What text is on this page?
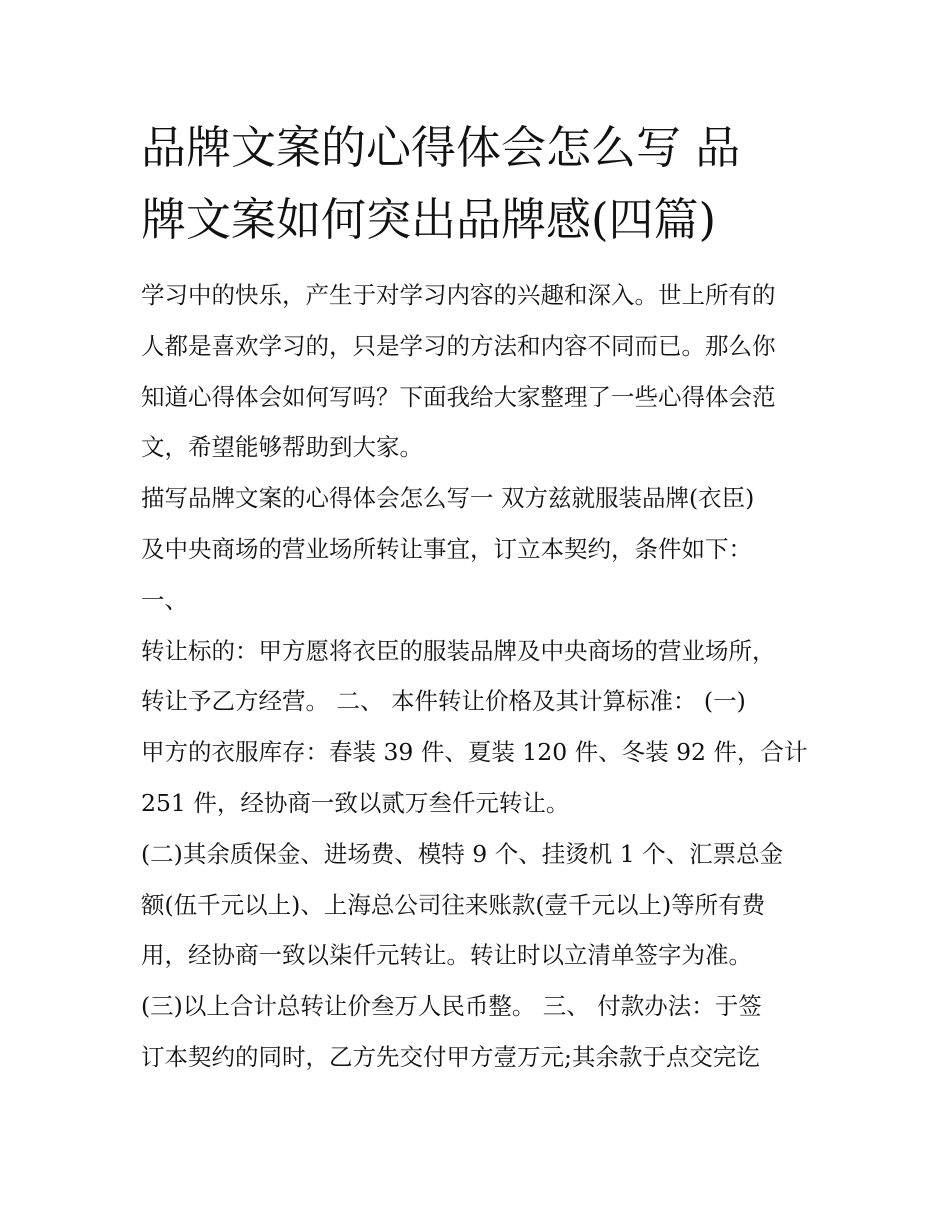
品牌文案的心得体会怎么写 品
牌文案如何突出品牌感(四篇)
学习中的快乐，产生于对学习内容的兴趣和深入。世上所有的
人都是喜欢学习的，只是学习的方法和内容不同而已。那么你
知道心得体会如何写吗？下面我给大家整理了一些心得体会范
文，希望能够帮助到大家。
描写品牌文案的心得体会怎么写一 双方兹就服装品牌(衣臣)
及中央商场的营业场所转让事宜，订立本契约，条件如下：
一、
转让标的：甲方愿将衣臣的服装品牌及中央商场的营业场所，
转让予乙方经营。 二、 本件转让价格及其计算标准： (一)
甲方的衣服库存：春装 39 件、夏装 120 件、冬装 92 件，合计
251 件，经协商一致以贰万叁仟元转让。
(二)其余质保金、进场费、模特 9 个、挂烫机 1 个、汇票总金
额(伍千元以上)、上海总公司往来账款(壹千元以上)等所有费
用，经协商一致以柒仟元转让。转让时以立清单签字为准。
(三)以上合计总转让价叁万人民币整。 三、 付款办法：于签
订本契约的同时，乙方先交付甲方壹万元;其余款于点交完讫
